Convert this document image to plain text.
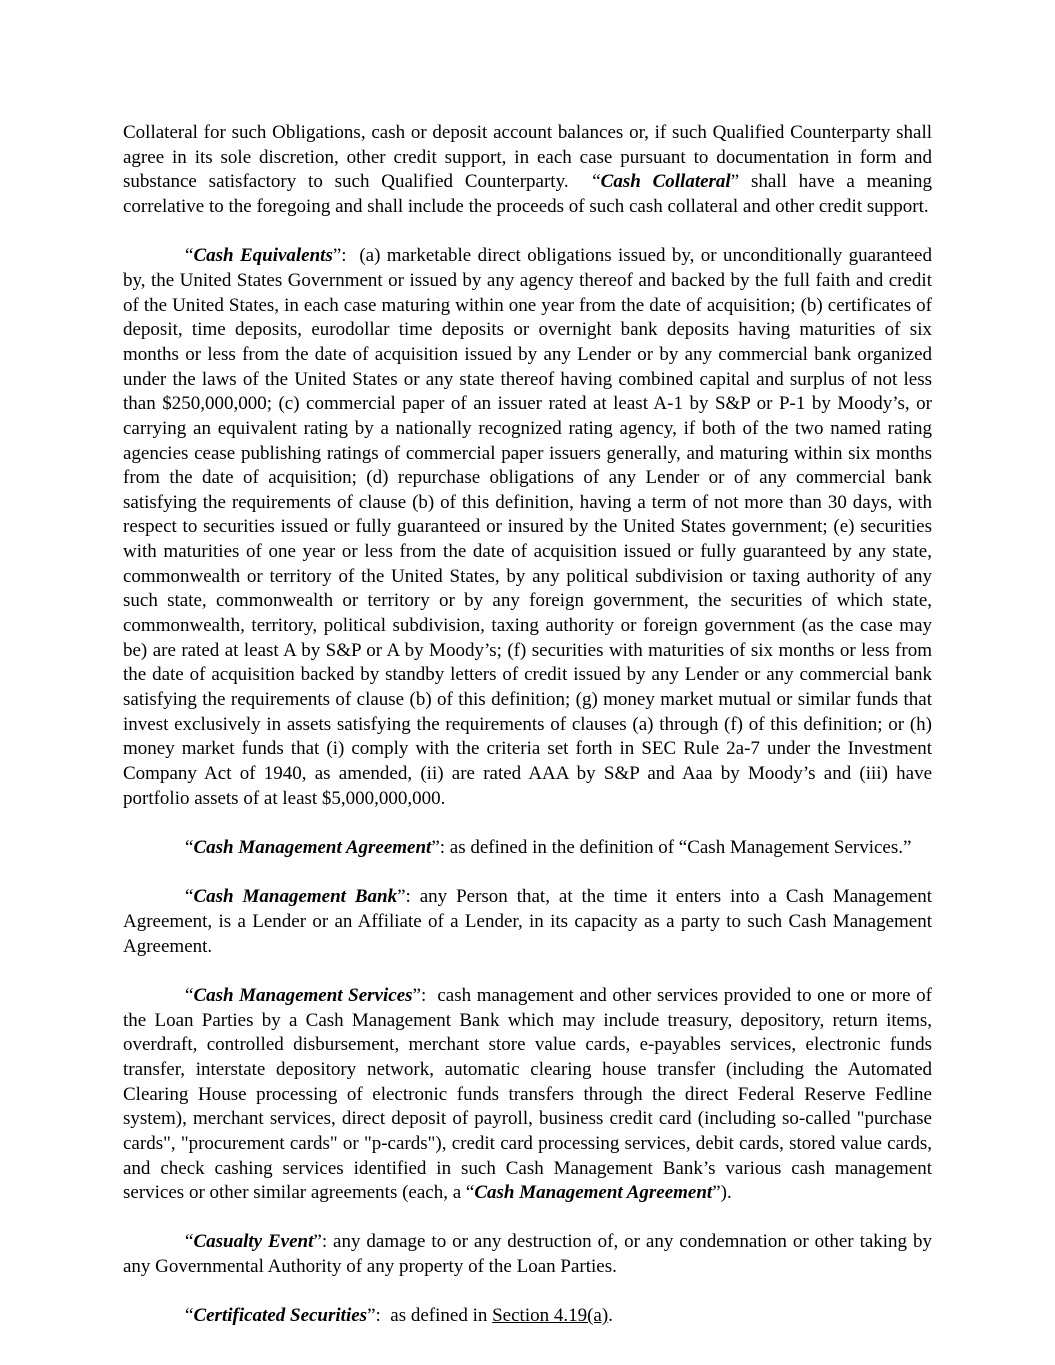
Collateral for such Obligations, cash or deposit account balances or, if such Qualified Counterparty shall agree in its sole discretion, other credit support, in each case pursuant to documentation in form and substance satisfactory to such Qualified Counterparty.  “Cash Collateral” shall have a meaning correlative to the foregoing and shall include the proceeds of such cash collateral and other credit support.

“Cash Equivalents”:  (a) marketable direct obligations issued by, or unconditionally guaranteed by, the United States Government or issued by any agency thereof and backed by the full faith and credit of the United States, in each case maturing within one year from the date of acquisition; (b) certificates of deposit, time deposits, eurodollar time deposits or overnight bank deposits having maturities of six months or less from the date of acquisition issued by any Lender or by any commercial bank organized under the laws of the United States or any state thereof having combined capital and surplus of not less than $250,000,000; (c) commercial paper of an issuer rated at least A-1 by S&P or P-1 by Moody’s, or carrying an equivalent rating by a nationally recognized rating agency, if both of the two named rating agencies cease publishing ratings of commercial paper issuers generally, and maturing within six months from the date of acquisition; (d) repurchase obligations of any Lender or of any commercial bank satisfying the requirements of clause (b) of this definition, having a term of not more than 30 days, with respect to securities issued or fully guaranteed or insured by the United States government; (e) securities with maturities of one year or less from the date of acquisition issued or fully guaranteed by any state, commonwealth or territory of the United States, by any political subdivision or taxing authority of any such state, commonwealth or territory or by any foreign government, the securities of which state, commonwealth, territory, political subdivision, taxing authority or foreign government (as the case may be) are rated at least A by S&P or A by Moody’s; (f) securities with maturities of six months or less from the date of acquisition backed by standby letters of credit issued by any Lender or any commercial bank satisfying the requirements of clause (b) of this definition; (g) money market mutual or similar funds that invest exclusively in assets satisfying the requirements of clauses (a) through (f) of this definition; or (h) money market funds that (i) comply with the criteria set forth in SEC Rule 2a-7 under the Investment Company Act of 1940, as amended, (ii) are rated AAA by S&P and Aaa by Moody’s and (iii) have portfolio assets of at least $5,000,000,000.

“Cash Management Agreement”: as defined in the definition of “Cash Management Services.”

“Cash Management Bank”: any Person that, at the time it enters into a Cash Management Agreement, is a Lender or an Affiliate of a Lender, in its capacity as a party to such Cash Management Agreement.

“Cash Management Services”:  cash management and other services provided to one or more of the Loan Parties by a Cash Management Bank which may include treasury, depository, return items, overdraft, controlled disbursement, merchant store value cards, e-payables services, electronic funds transfer, interstate depository network, automatic clearing house transfer (including the Automated Clearing House processing of electronic funds transfers through the direct Federal Reserve Fedline system), merchant services, direct deposit of payroll, business credit card (including so-called "purchase cards", "procurement cards" or "p-cards"), credit card processing services, debit cards, stored value cards, and check cashing services identified in such Cash Management Bank’s various cash management services or other similar agreements (each, a “Cash Management Agreement”).

“Casualty Event”: any damage to or any destruction of, or any condemnation or other taking by any Governmental Authority of any property of the Loan Parties.

“Certificated Securities”:  as defined in Section 4.19(a).
